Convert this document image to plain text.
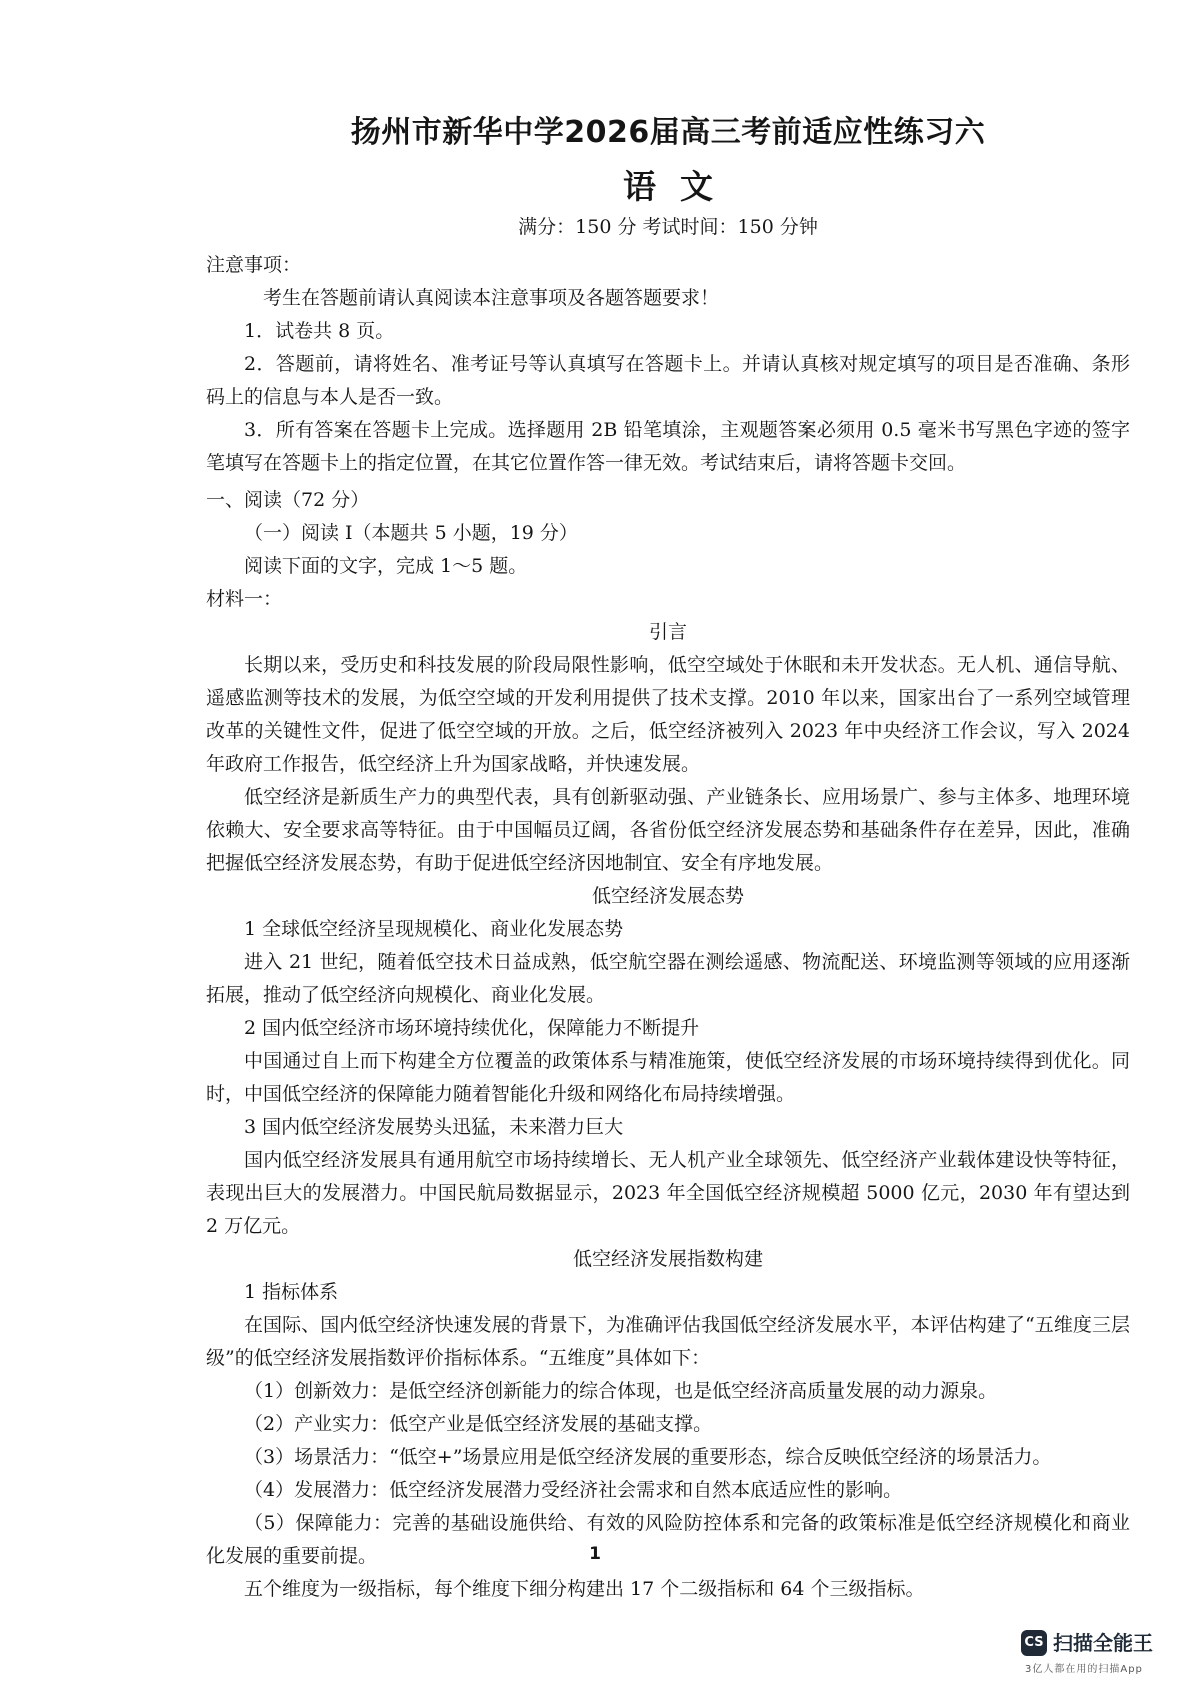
扬州市新华中学2026届高三考前适应性练习六
语文
满分：150 分 考试时间：150 分钟

注意事项：

考生在答题前请认真阅读本注意事项及各题答题要求！

1．试卷共 8 页。

2．答题前，请将姓名、准考证号等认真填写在答题卡上。并请认真核对规定填写的项目是否准确、条形码上的信息与本人是否一致。

3．所有答案在答题卡上完成。选择题用 2B 铅笔填涂，主观题答案必须用 0.5 毫米书写黑色字迹的签字笔填写在答题卡上的指定位置，在其它位置作答一律无效。考试结束后，请将答题卡交回。

一、阅读（72 分）

（一）阅读 I（本题共 5 小题，19 分）

阅读下面的文字，完成 1～5 题。

材料一：

引言

长期以来，受历史和科技发展的阶段局限性影响，低空空域处于休眠和未开发状态。无人机、通信导航、遥感监测等技术的发展，为低空空域的开发利用提供了技术支撑。2010 年以来，国家出台了一系列空域管理改革的关键性文件，促进了低空空域的开放。之后，低空经济被列入 2023 年中央经济工作会议，写入 2024 年政府工作报告，低空经济上升为国家战略，并快速发展。

低空经济是新质生产力的典型代表，具有创新驱动强、产业链条长、应用场景广、参与主体多、地理环境依赖大、安全要求高等特征。由于中国幅员辽阔，各省份低空经济发展态势和基础条件存在差异，因此，准确把握低空经济发展态势，有助于促进低空经济因地制宜、安全有序地发展。

低空经济发展态势

1 全球低空经济呈现规模化、商业化发展态势

进入 21 世纪，随着低空技术日益成熟，低空航空器在测绘遥感、物流配送、环境监测等领域的应用逐渐拓展，推动了低空经济向规模化、商业化发展。

2 国内低空经济市场环境持续优化，保障能力不断提升

中国通过自上而下构建全方位覆盖的政策体系与精准施策，使低空经济发展的市场环境持续得到优化。同时，中国低空经济的保障能力随着智能化升级和网络化布局持续增强。

3 国内低空经济发展势头迅猛，未来潜力巨大

国内低空经济发展具有通用航空市场持续增长、无人机产业全球领先、低空经济产业载体建设快等特征，表现出巨大的发展潜力。中国民航局数据显示，2023 年全国低空经济规模超 5000 亿元，2030 年有望达到 2 万亿元。

低空经济发展指数构建

1 指标体系

在国际、国内低空经济快速发展的背景下，为准确评估我国低空经济发展水平，本评估构建了“五维度三层级”的低空经济发展指数评价指标体系。“五维度”具体如下：

（1）创新效力：是低空经济创新能力的综合体现，也是低空经济高质量发展的动力源泉。

（2）产业实力：低空产业是低空经济发展的基础支撑。

（3）场景活力：“低空+”场景应用是低空经济发展的重要形态，综合反映低空经济的场景活力。

（4）发展潜力：低空经济发展潜力受经济社会需求和自然本底适应性的影响。

（5）保障能力：完善的基础设施供给、有效的风险防控体系和完备的政策标准是低空经济规模化和商业化发展的重要前提。

五个维度为一级指标，每个维度下细分构建出 17 个二级指标和 64 个三级指标。

1
CS 扫描全能王
3亿人都在用的扫描App
